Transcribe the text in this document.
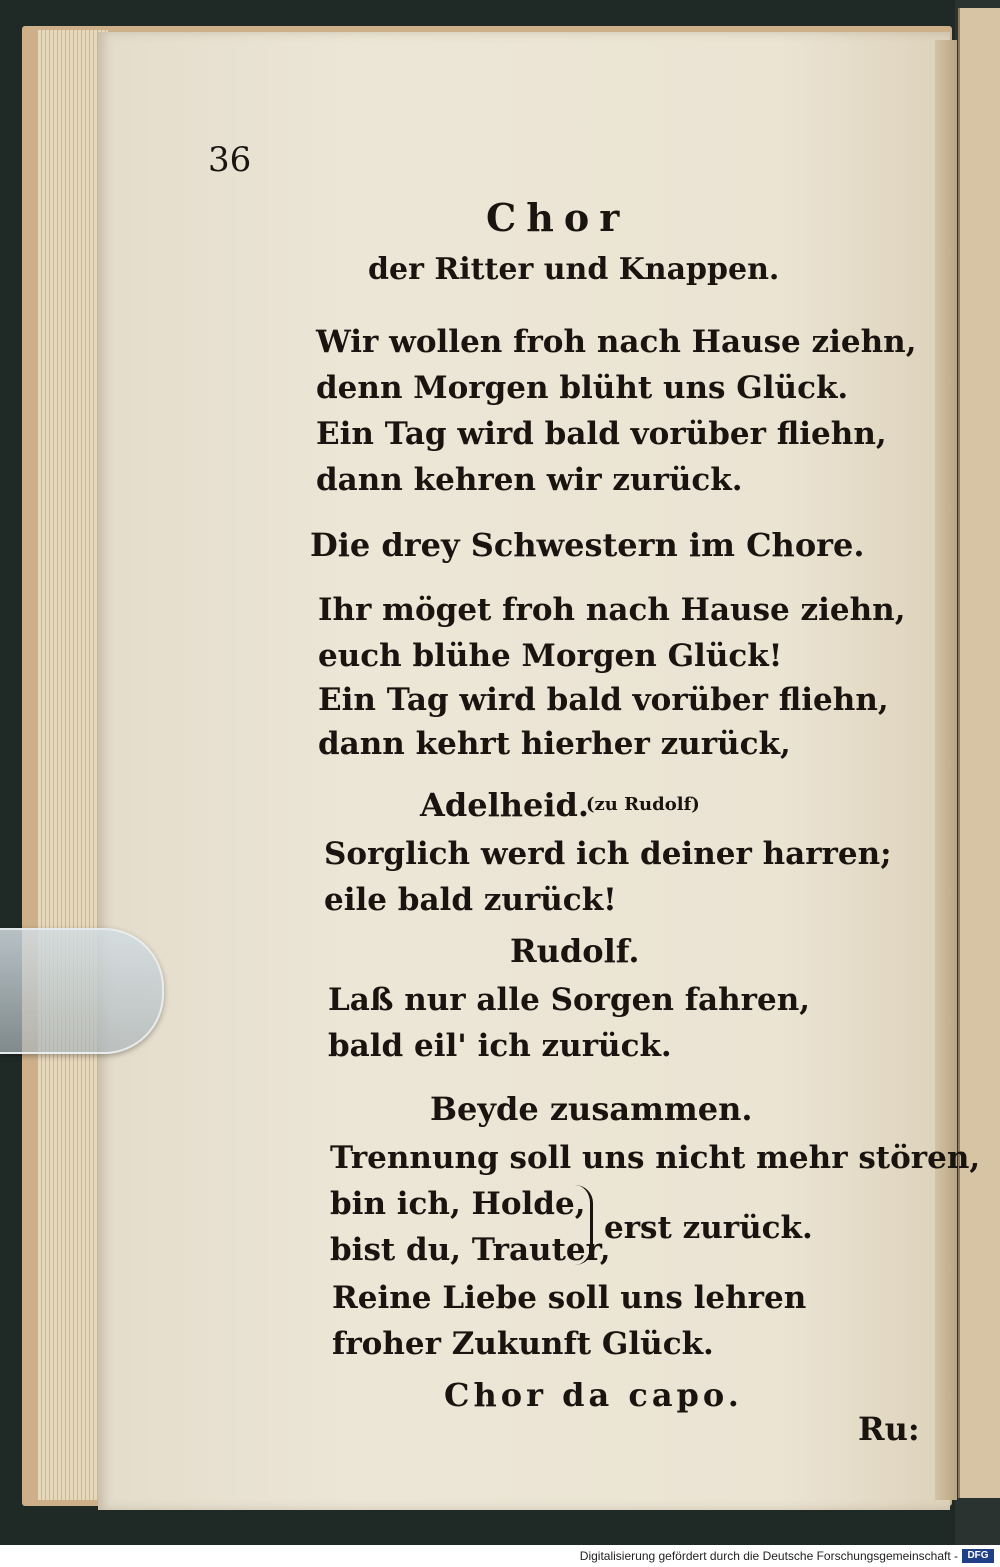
36
Chor
der Ritter und Knappen.
Wir wollen froh nach Hause ziehn,
denn Morgen blüht uns Glück.
Ein Tag wird bald vorüber fliehn,
dann kehren wir zurück.
Die drey Schwestern im Chore.
Ihr möget froh nach Hause ziehn,
euch blühe Morgen Glück!
Ein Tag wird bald vorüber fliehn,
dann kehrt hierher zurück,
Adelheid.
(zu Rudolf)
Sorglich werd ich deiner harren;
eile bald zurück!
Rudolf.
Laß nur alle Sorgen fahren,
bald eil' ich zurück.
Beyde zusammen.
Trennung soll uns nicht mehr stören,
bin ich, Holde,
bist du, Trauter,
erst zurück.
Reine Liebe soll uns lehren
froher Zukunft Glück.
Chor da capo.
Ru:
Digitalisierung gefördert durch die Deutsche Forschungsgemeinschaft - DFG
